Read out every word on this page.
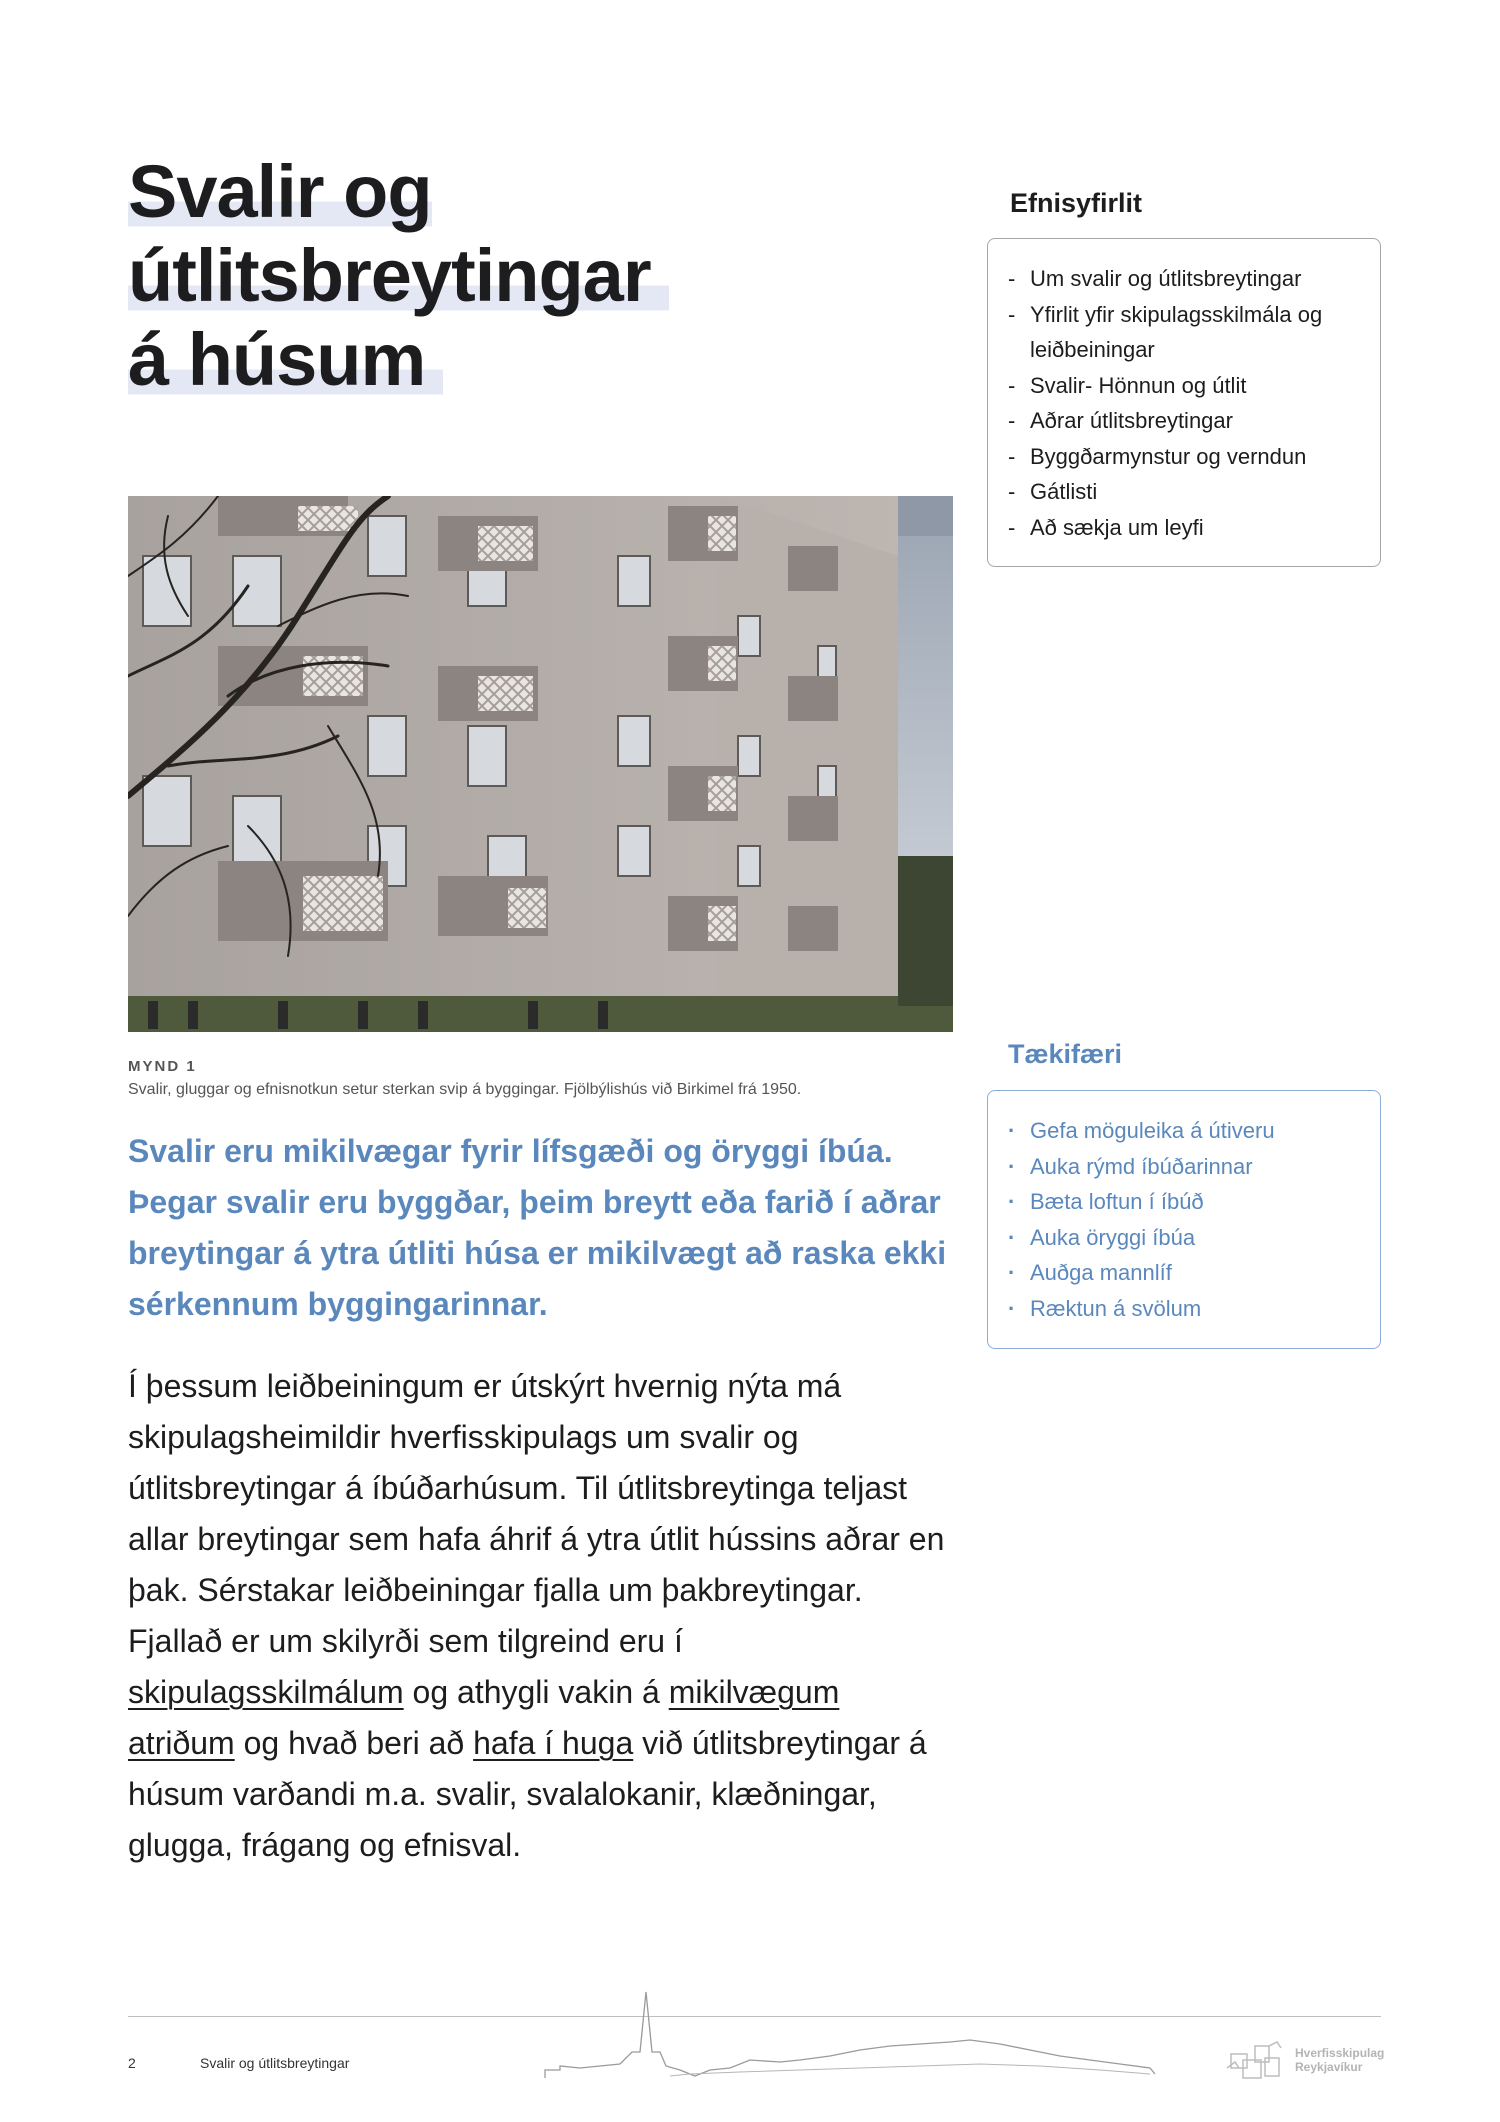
Svalir og útlitsbreytingar
á húsum
MYND 1
Svalir, gluggar og efnisnotkun setur sterkan svip á byggingar. Fjölbýlishús við Birkimel frá 1950.

Svalir eru mikilvægar fyrir lífsgæði og öryggi íbúa. Þegar svalir eru byggðar, þeim breytt eða farið í aðrar breytingar á ytra útliti húsa er mikilvægt að raska ekki sérkennum byggingarinnar.

Í þessum leiðbeiningum er útskýrt hvernig nýta má skipulagsheimildir hverfisskipulags um svalir og útlitsbreytingar á íbúðarhúsum. Til útlitsbreytinga teljast allar breytingar sem hafa áhrif á ytra útlit hússins aðrar en þak. Sérstakar leiðbeiningar fjalla um þakbreytingar. Fjallað er um skilyrði sem tilgreind eru í skipulagsskilmálum og athygli vakin á mikilvægum atriðum og hvað beri að hafa í huga við útlitsbreytingar á húsum varðandi m.a. svalir, svalalokanir, klæðningar, glugga, frágang og efnisval.

Efnisyfirlit
- Um svalir og útlitsbreytingar
- Yfirlit yfir skipulagsskilmála og leiðbeiningar
- Svalir- Hönnun og útlit
- Aðrar útlitsbreytingar
- Byggðarmynstur og verndun
- Gátlisti
- Að sækja um leyfi
Tækifæri
· Gefa möguleika á útiveru
· Auka rýmd íbúðarinnar
· Bæta loftun í íbúð
· Auka öryggi íbúa
· Auðga mannlíf
· Ræktun á svölum
2	Svalir og útlitsbreytingar
Hverfisskipulag
Reykjavíkur
